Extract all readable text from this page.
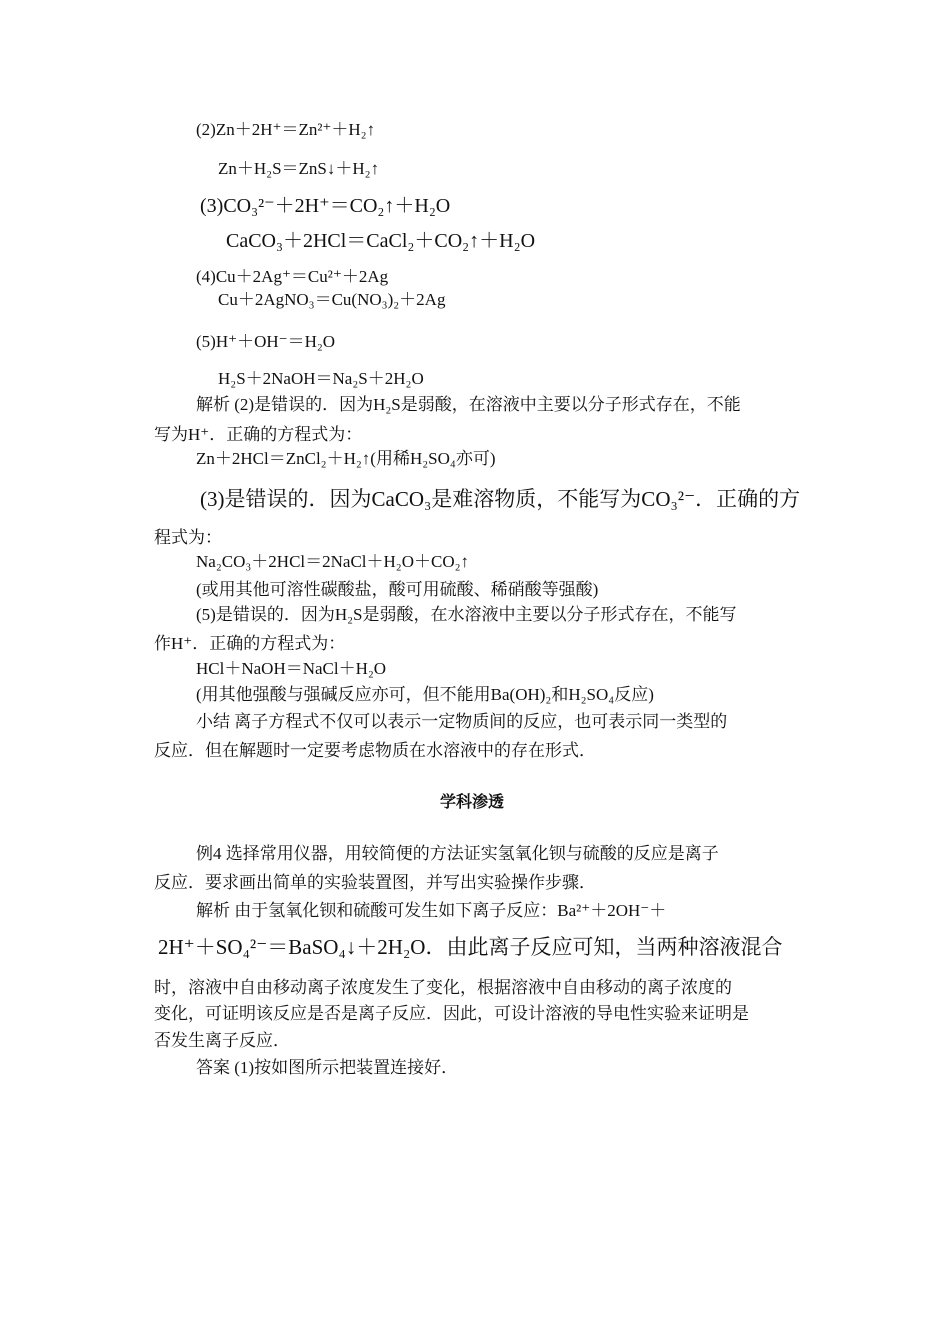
(2)Zn＋2H⁺＝Zn²⁺＋H₂↑
Zn＋H₂S＝ZnS↓＋H₂↑
(3)CO₃²⁻＋2H⁺＝CO₂↑＋H₂O
CaCO₃＋2HCl＝CaCl₂＋CO₂↑＋H₂O
(4)Cu＋2Ag⁺＝Cu²⁺＋2Ag
Cu＋2AgNO₃＝Cu(NO₃)₂＋2Ag
(5)H⁺＋OH⁻＝H₂O
H₂S＋2NaOH＝Na₂S＋2H₂O
解析 (2)是错误的．因为H₂S是弱酸，在溶液中主要以分子形式存在，不能
写为H⁺．正确的方程式为：
Zn＋2HCl＝ZnCl₂＋H₂↑(用稀H₂SO₄亦可)
(3)是错误的．因为CaCO₃是难溶物质，不能写为CO₃²⁻．正确的方
程式为：
Na₂CO₃＋2HCl＝2NaCl＋H₂O＋CO₂↑
(或用其他可溶性碳酸盐，酸可用硫酸、稀硝酸等强酸)
(5)是错误的．因为H₂S是弱酸，在水溶液中主要以分子形式存在，不能写
作H⁺．正确的方程式为：
HCl＋NaOH＝NaCl＋H₂O
(用其他强酸与强碱反应亦可，但不能用Ba(OH)₂和H₂SO₄反应)
小结 离子方程式不仅可以表示一定物质间的反应，也可表示同一类型的
反应．但在解题时一定要考虑物质在水溶液中的存在形式．
学科渗透
例4 选择常用仪器，用较简便的方法证实氢氧化钡与硫酸的反应是离子
反应．要求画出简单的实验装置图，并写出实验操作步骤．
解析 由于氢氧化钡和硫酸可发生如下离子反应：Ba²⁺＋2OH⁻＋
2H⁺＋SO₄²⁻＝BaSO₄↓＋2H₂O．由此离子反应可知，当两种溶液混合
时，溶液中自由移动离子浓度发生了变化，根据溶液中自由移动的离子浓度的
变化，可证明该反应是否是离子反应．因此，可设计溶液的导电性实验来证明是
否发生离子反应．
答案 (1)按如图所示把装置连接好．
